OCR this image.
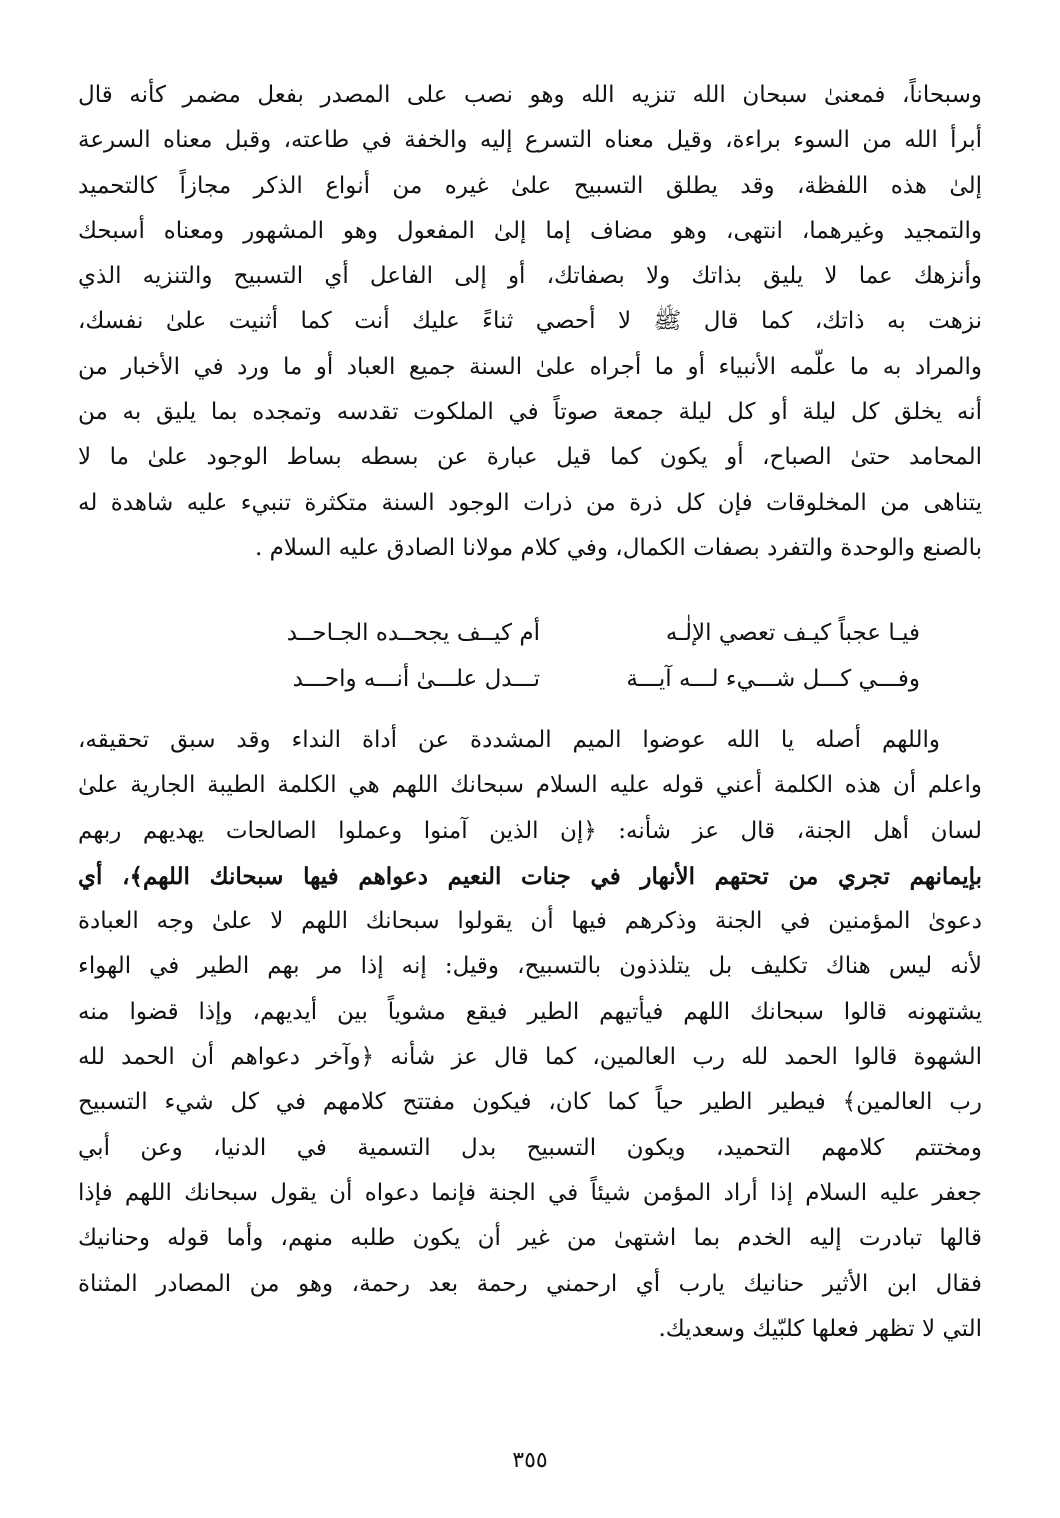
وسبحاناً، فمعنىٰ سبحان الله تنزيه الله وهو نصب على المصدر بفعل مضمر كأنه قال
أبرأ الله من السوء براءة، وقيل معناه التسرع إليه والخفة في طاعته، وقبل معناه السرعة
إلىٰ هذه اللفظة، وقد يطلق التسبيح علىٰ غيره من أنواع الذكر مجازاً كالتحميد
والتمجيد وغيرهما، انتهى، وهو مضاف إما إلىٰ المفعول وهو المشهور ومعناه أسبحك
وأنزهك عما لا يليق بذاتك ولا بصفاتك، أو إلى الفاعل أي التسبيح والتنزيه الذي
نزهت به ذاتك، كما قال ﷺ لا أحصي ثناءً عليك أنت كما أثنيت علىٰ نفسك،
والمراد به ما علّمه الأنبياء أو ما أجراه علىٰ السنة جميع العباد أو ما ورد في الأخبار من
أنه يخلق كل ليلة أو كل ليلة جمعة صوتاً في الملكوت تقدسه وتمجده بما يليق به من
المحامد حتىٰ الصباح، أو يكون كما قيل عبارة عن بسطه بساط الوجود علىٰ ما لا
يتناهى من المخلوقات فإن كل ذرة من ذرات الوجود السنة متكثرة تنبيء عليه شاهدة له
بالصنع والوحدة والتفرد بصفات الكمال، وفي كلام مولانا الصادق عليه السلام .
فيـا عجباً كيـف تعصي الإلٰـه
أم كيــف يجحــده الجـاحــد
وفـــي كـــل شـــيء لـــه آيـــة
تـــدل علـــىٰ أنـــه واحـــد
واللهم أصله يا الله عوضوا الميم المشددة عن أداة النداء وقد سبق تحقيقه،
واعلم أن هذه الكلمة أعني قوله عليه السلام سبحانك اللهم هي الكلمة الطيبة الجارية علىٰ
لسان أهل الجنة، قال عز شأنه: ﴿إن الذين آمنوا وعملوا الصالحات يهديهم ربهم
بإيمانهم تجري من تحتهم الأنهار في جنات النعيم دعواهم فيها سبحانك اللهم﴾، أي
دعوىٰ المؤمنين في الجنة وذكرهم فيها أن يقولوا سبحانك اللهم لا علىٰ وجه العبادة
لأنه ليس هناك تكليف بل يتلذذون بالتسبيح، وقيل: إنه إذا مر بهم الطير في الهواء
يشتهونه قالوا سبحانك اللهم فيأتيهم الطير فيقع مشوياً بين أيديهم، وإذا قضوا منه
الشهوة قالوا الحمد لله رب العالمين، كما قال عز شأنه ﴿وآخر دعواهم أن الحمد لله
رب العالمين﴾ فيطير الطير حياً كما كان، فيكون مفتتح كلامهم في كل شيء التسبيح
ومختتم كلامهم التحميد، ويكون التسبيح بدل التسمية في الدنيا، وعن أبي
جعفر عليه السلام إذا أراد المؤمن شيئاً في الجنة فإنما دعواه أن يقول سبحانك اللهم فإذا
قالها تبادرت إليه الخدم بما اشتهىٰ من غير أن يكون طلبه منهم، وأما قوله وحنانيك
فقال ابن الأثير حنانيك يارب أي ارحمني رحمة بعد رحمة، وهو من المصادر المثناة
التي لا تظهر فعلها كلبّيك وسعديك.
٣٥٥
